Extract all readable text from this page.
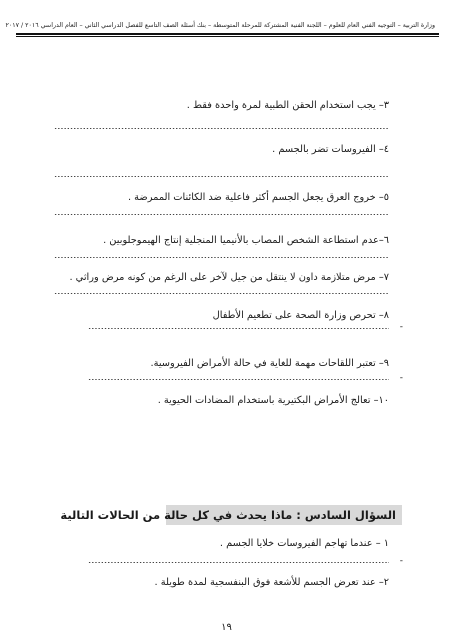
وزارة التربية – التوجيه الفني العام للعلوم – اللجنة الفنية المشتركة للمرحلة المتوسطة – بنك أسئلة الصف التاسع للفصل الدراسي الثاني – العام الدراسي ٢٠١٦ / ٢٠١٧
٣– يجب استخدام الحقن الطبية لمرة واحدة فقط .
٤– الفيروسات تضر بالجسم .
٥– خروج العرق يجعل الجسم أكثر فاعلية ضد الكائنات الممرضة .
٦–عدم استطاعة الشخص المصاب بالأنيميا المنجلية إنتاج الهيموجلوبين .
٧– مرض متلازمة داون لا ينتقل من جيل لآخر على الرغم من كونه مرض وراثي .
٨– تحرص وزارة الصحة على تطعيم الأطفال
-
٩– تعتبر اللقاحات مهمة للغاية في حالة الأمراض الفيروسية.
-
١٠– تعالج الأمراض البكتيرية باستخدام المضادات الحيوية .
السؤال السادس : ماذا يحدث في كل حالة من الحالات التالية
١ – عندما تهاجم الفيروسات خلايا الجسم .
-
٢– عند تعرض الجسم للأشعة فوق البنفسجية لمدة طويلة .
١٩
